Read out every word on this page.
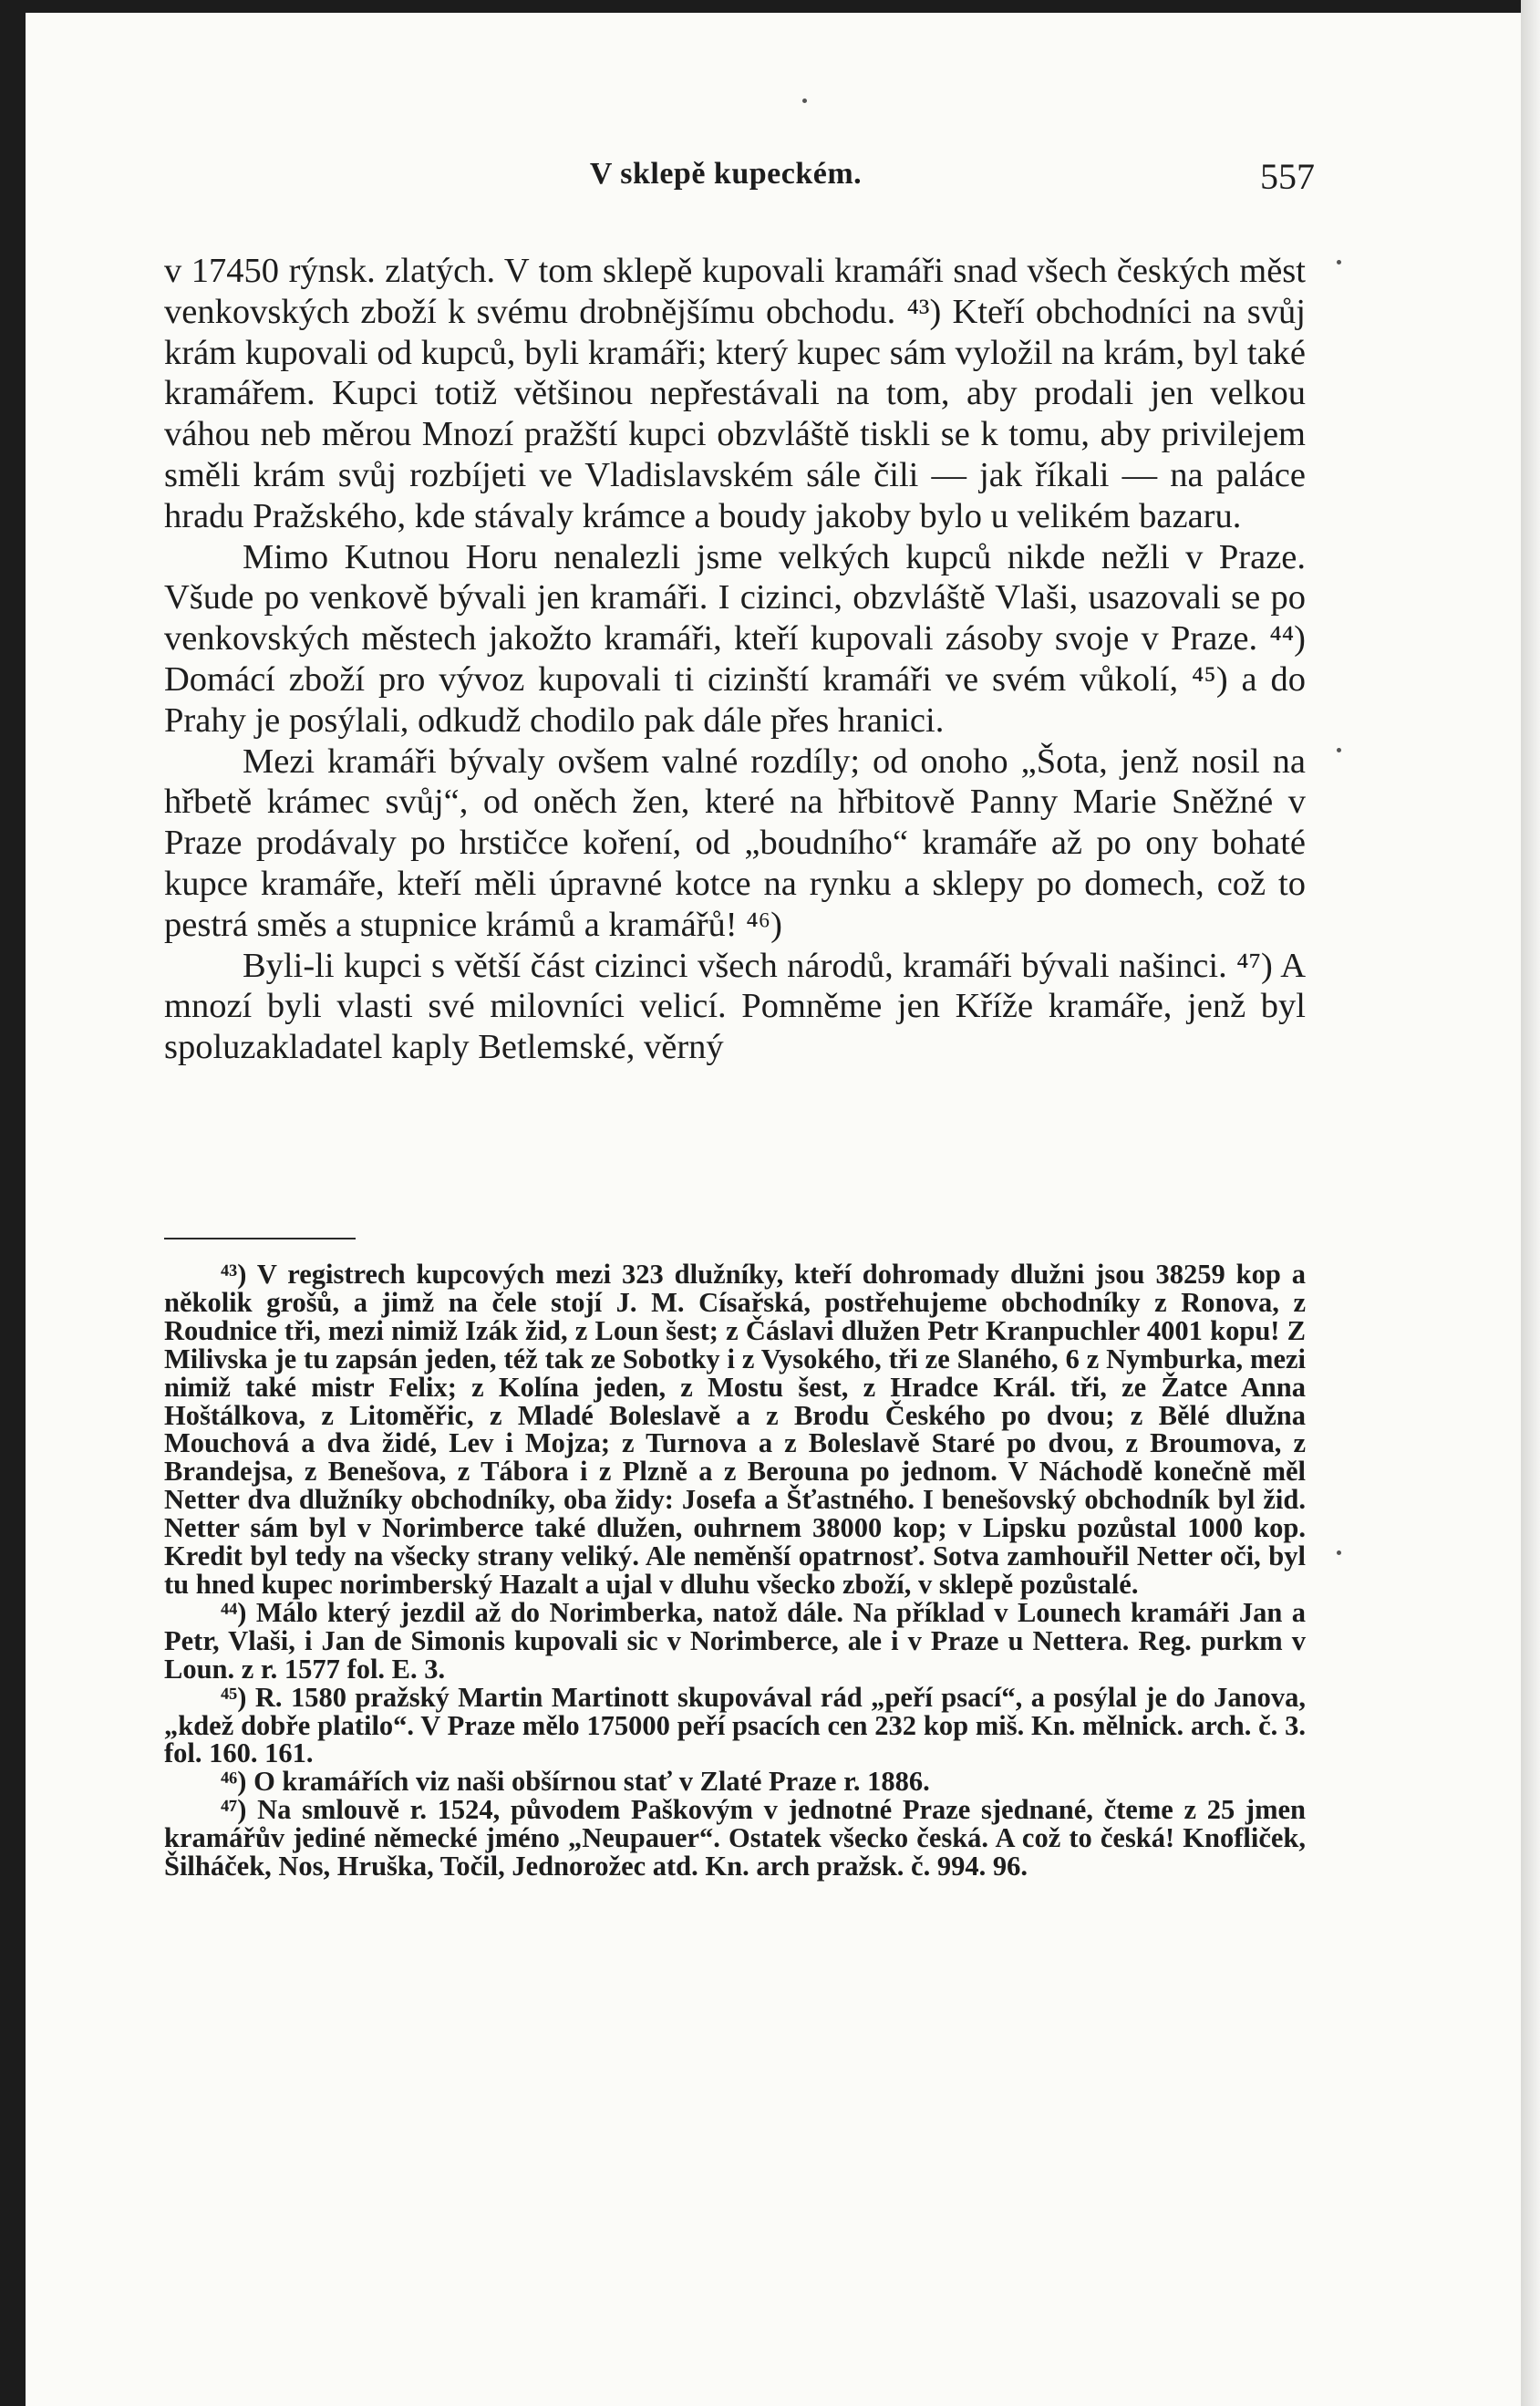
V sklepě kupeckém.	557

v 17450 rýnsk. zlatých. V tom sklepě kupovali kramáři snad všech českých měst venkovských zboží k svému drobnějšímu obchodu. ⁴³) Kteří obchodníci na svůj krám kupovali od kupců, byli kramáři; který kupec sám vyložil na krám, byl také kramářem. Kupci totiž většinou nepřestávali na tom, aby prodali jen velkou váhou neb měrou Mnozí pražští kupci obzvláště tiskli se k tomu, aby privilejem směli krám svůj rozbíjeti ve Vladislavském sále čili — jak říkali — na paláce hradu Pražského, kde stávaly krámce a boudy jakoby bylo u velikém bazaru.

Mimo Kutnou Horu nenalezli jsme velkých kupců nikde nežli v Praze. Všude po venkově bývali jen kramáři. I cizinci, obzvláště Vlaši, usazovali se po venkovských městech jakožto kramáři, kteří kupovali zásoby svoje v Praze. ⁴⁴) Domácí zboží pro vývoz kupovali ti cizinští kramáři ve svém vůkolí, ⁴⁵) a do Prahy je posýlali, odkudž chodilo pak dále přes hranici.

Mezi kramáři bývaly ovšem valné rozdíly; od onoho „Šota, jenž nosil na hřbetě krámec svůj“, od oněch žen, které na hřbitově Panny Marie Sněžné v Praze prodávaly po hrstičce koření, od „boudního“ kramáře až po ony bohaté kupce kramáře, kteří měli úpravné kotce na rynku a sklepy po domech, což to pestrá směs a stupnice krámů a kramářů! ⁴⁶)

Byli-li kupci s větší část cizinci všech národů, kramáři bývali našinci. ⁴⁷) A mnozí byli vlasti své milovníci velicí. Pomněme jen Kříže kramáře, jenž byl spoluzakladatel kaply Betlemské, věrný

⁴³) V registrech kupcových mezi 323 dlužníky, kteří dohromady dlužni jsou 38259 kop a několik grošů, a jimž na čele stojí J. M. Císařská, postřehujeme obchodníky z Ronova, z Roudnice tři, mezi nimiž Izák žid, z Loun šest; z Čáslavi dlužen Petr Kranpuchler 4001 kopu! Z Milivska je tu zapsán jeden, též tak ze Sobotky i z Vysokého, tři ze Slaného, 6 z Nymburka, mezi nimiž také mistr Felix; z Kolína jeden, z Mostu šest, z Hradce Král. tři, ze Žatce Anna Hoštálkova, z Litoměřic, z Mladé Boleslavě a z Brodu Českého po dvou; z Bělé dlužna Mouchová a dva židé, Lev i Mojza; z Turnova a z Boleslavě Staré po dvou, z Broumova, z Brandejsa, z Benešova, z Tábora i z Plzně a z Berouna po jednom. V Náchodě konečně měl Netter dva dlužníky obchodníky, oba židy: Josefa a Šťastného. I benešovský obchodník byl žid. Netter sám byl v Norimberce také dlužen, ouhrnem 38000 kop; v Lipsku pozůstal 1000 kop. Kredit byl tedy na všecky strany veliký. Ale neměnší opatrnosť. Sotva zamhouřil Netter oči, byl tu hned kupec norimberský Hazalt a ujal v dluhu všecko zboží, v sklepě pozůstalé.

⁴⁴) Málo který jezdil až do Norimberka, natož dále. Na příklad v Lounech kramáři Jan a Petr, Vlaši, i Jan de Simonis kupovali sic v Norimberce, ale i v Praze u Nettera. Reg. purkm v Loun. z r. 1577 fol. E. 3.

⁴⁵) R. 1580 pražský Martin Martinott skupovával rád „peří psací“, a posýlal je do Janova, „kdež dobře platilo“. V Praze mělo 175000 peří psacích cen 232 kop miš. Kn. mělnick. arch. č. 3. fol. 160. 161.

⁴⁶) O kramářích viz naši obšírnou stať v Zlaté Praze r. 1886.

⁴⁷) Na smlouvě r. 1524, původem Paškovým v jednotné Praze sjednané, čteme z 25 jmen kramářův jediné německé jméno „Neupauer“. Ostatek všecko česká. A což to česká! Knofliček, Šilháček, Nos, Hruška, Točil, Jednorožec atd. Kn. arch pražsk. č. 994. 96.
